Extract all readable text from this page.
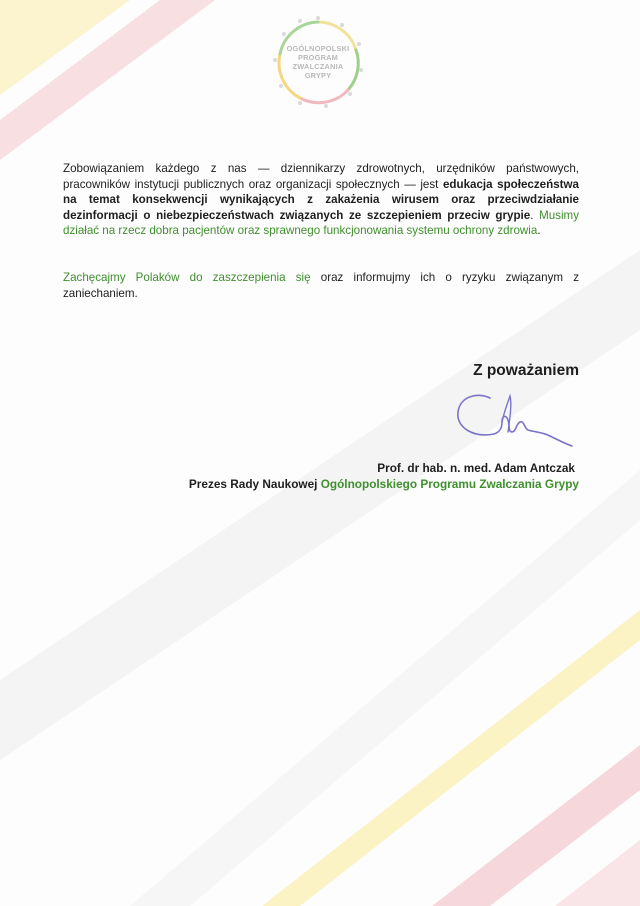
OGÓLNOPOLSKI
PROGRAM
ZWALCZANIA
GRYPY
Zobowiązaniem każdego z nas — dziennikarzy zdrowotnych, urzędników państwowych, pracowników instytucji publicznych oraz organizacji społecznych — jest edukacja społeczeństwa na temat konsekwencji wynikających z zakażenia wirusem oraz przeciwdziałanie dezinformacji o niebezpieczeństwach związanych ze szczepieniem przeciw grypie. Musimy działać na rzecz dobra pacjentów oraz sprawnego funkcjonowania systemu ochrony zdrowia.
Zachęcajmy Polaków do zaszczepienia się oraz informujmy ich o ryzyku związanym z zaniechaniem.
Z poważaniem
Prof. dr hab. n. med. Adam Antczak
Prezes Rady Naukowej Ogólnopolskiego Programu Zwalczania Grypy
